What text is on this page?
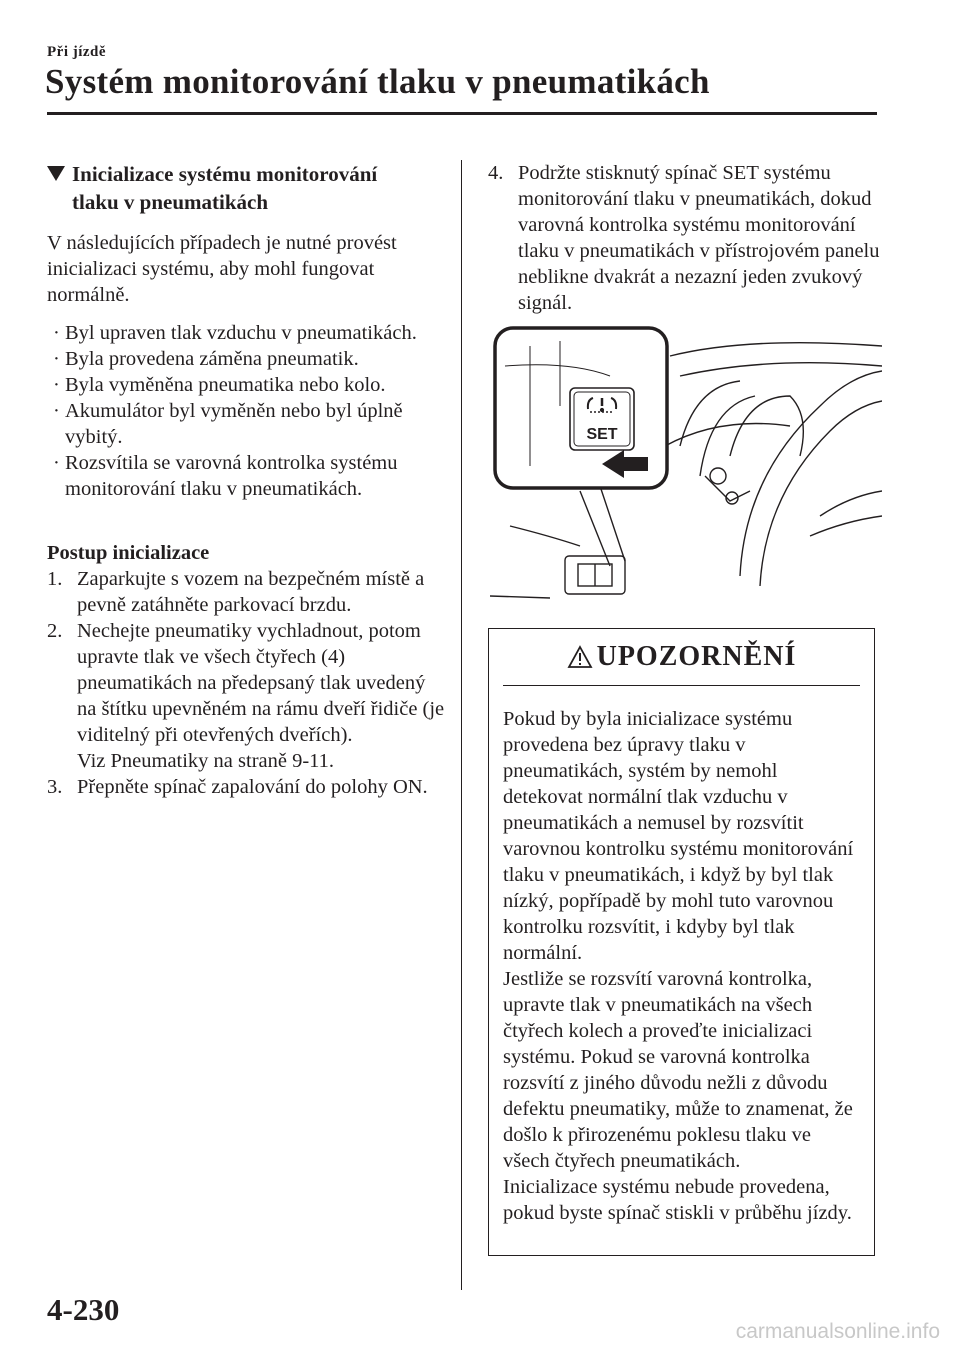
Při jízdě
Systém monitorování tlaku v pneumatikách
Inicializace systému monitorování
tlaku v pneumatikách

V následujících případech je nutné provést inicializaci systému, aby mohl fungovat normálně.

· Byl upraven tlak vzduchu v pneumatikách.
· Byla provedena záměna pneumatik.
· Byla vyměněna pneumatika nebo kolo.
· Akumulátor byl vyměněn nebo byl úplně vybitý.
· Rozsvítila se varovná kontrolka systému monitorování tlaku v pneumatikách.

Postup inicializace

1. Zaparkujte s vozem na bezpečném místě a pevně zatáhněte parkovací brzdu.
2. Nechejte pneumatiky vychladnout, potom upravte tlak ve všech čtyřech (4) pneumatikách na předepsaný tlak uvedený na štítku upevněném na rámu dveří řidiče (je viditelný při otevřených dveřích).
Viz Pneumatiky na straně 9-11.
3. Přepněte spínač zapalování do polohy ON.
4. Podržte stisknutý spínač SET systému monitorování tlaku v pneumatikách, dokud varovná kontrolka systému monitorování tlaku v pneumatikách v přístrojovém panelu neblikne dvakrát a nezazní jeden zvukový signál.
SET
UPOZORNĚNÍ

Pokud by byla inicializace systému provedena bez úpravy tlaku v pneumatikách, systém by nemohl detekovat normální tlak vzduchu v pneumatikách a nemusel by rozsvítit varovnou kontrolku systému monitorování tlaku v pneumatikách, i když by byl tlak nízký, popřípadě by mohl tuto varovnou kontrolku rozsvítit, i kdyby byl tlak normální.

Jestliže se rozsvítí varovná kontrolka, upravte tlak v pneumatikách na všech čtyřech kolech a proveďte inicializaci systému. Pokud se varovná kontrolka rozsvítí z jiného důvodu nežli z důvodu defektu pneumatiky, může to znamenat, že došlo k přirozenému poklesu tlaku ve všech čtyřech pneumatikách.

Inicializace systému nebude provedena, pokud byste spínač stiskli v průběhu jízdy.

4-230
carmanualsonline.info
